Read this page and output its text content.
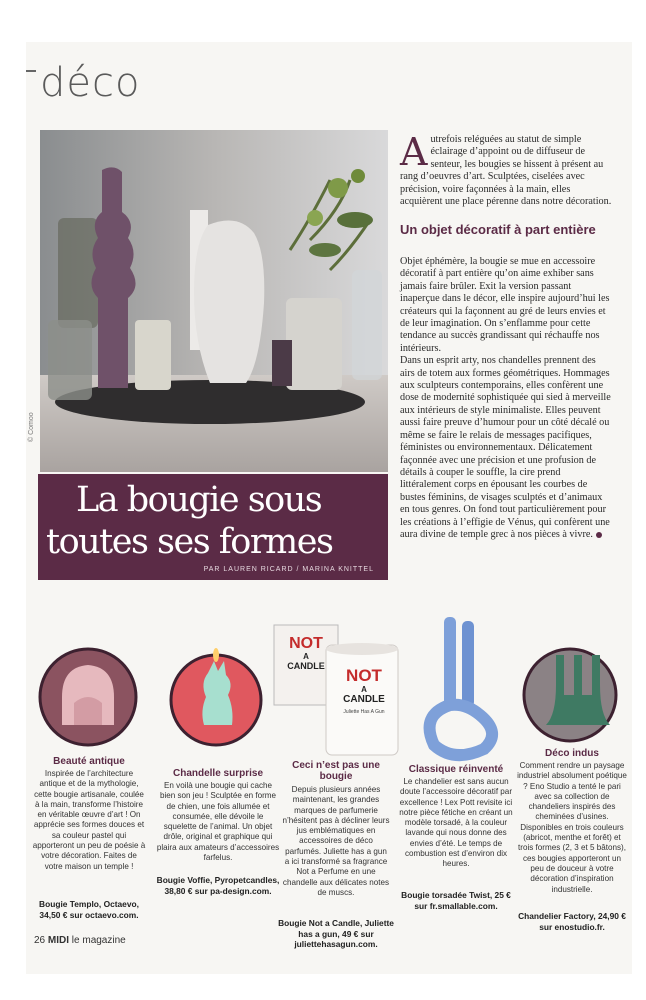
déco
© Comoo
La bougie sous
toutes ses formes
PAR LAUREN RICARD / MARINA KNITTEL
Autrefois reléguées au statut de simple éclairage d’appoint ou de diffuseur de senteur, les bougies se hissent à présent au rang d’oeuvres d’art. Sculptées, ciselées avec précision, voire façonnées à la main, elles acquièrent une place pérenne dans notre décoration.
Un objet décoratif à part entière

Objet éphémère, la bougie se mue en accessoire décoratif à part entière qu’on aime exhiber sans jamais faire brûler. Exit la version passant inaperçue dans le décor, elle inspire aujourd’hui les créateurs qui la façonnent au gré de leurs envies et de leur imagination. On s’enflamme pour cette tendance au succès grandissant qui réchauffe nos intérieurs.

Dans un esprit arty, nos chandelles prennent des airs de totem aux formes géométriques. Hommages aux sculpteurs contemporains, elles confèrent une dose de modernité sophistiquée qui sied à merveille aux intérieurs de style minimaliste. Elles peuvent aussi faire preuve d’humour pour un côté décalé ou même se faire le relais de messages pacifiques, féministes ou environnementaux. Délicatement façonnée avec une précision et une profusion de détails à couper le souffle, la cire prend littéralement corps en épousant les courbes de bustes féminins, de visages sculptés et d’animaux en tous genres. On fond tout particulièrement pour les créations à l’effigie de Vénus, qui confèrent une aura divine de temple grec à nos pièces à vivre.

NOT
A
CANDLE	NOT
A
CANDLE
Juliette Has A Gun
Beauté antique
Inspirée de l’architecture antique et de la mythologie, cette bougie artisanale, coulée à la main, transforme l’histoire en véritable œuvre d’art ! On apprécie ses formes douces et sa couleur pastel qui apporteront un peu de poésie à votre décoration. Faites de votre maison un temple !
Bougie Templo, Octaevo, 34,50 € sur octaevo.com.
Chandelle surprise
En voilà une bougie qui cache bien son jeu ! Sculptée en forme de chien, une fois allumée et consumée, elle dévoile le squelette de l’animal. Un objet drôle, original et graphique qui plaira aux amateurs d’accessoires farfelus.
Bougie Voffie, Pyropetcandles, 38,80 € sur pa-design.com.
Ceci n’est pas une bougie
Depuis plusieurs années maintenant, les grandes marques de parfumerie n’hésitent pas à décliner leurs jus emblématiques en accessoires de déco parfumés. Juliette has a gun a ici transformé sa fragrance Not a Perfume en une chandelle aux délicates notes de muscs.
Bougie Not a Candle, Juliette has a gun, 49 € sur juliettehasagun.com.
Classique réinventé
Le chandelier est sans aucun doute l’accessoire décoratif par excellence ! Lex Pott revisite ici notre pièce fétiche en créant un modèle torsadé, à la couleur lavande qui nous donne des envies d’été. Le temps de combustion est d’environ dix heures.
Bougie torsadée Twist, 25 € sur fr.smallable.com.
Déco indus
Comment rendre un paysage industriel absolument poétique ? Eno Studio a tenté le pari avec sa collection de chandeliers inspirés des cheminées d’usines. Disponibles en trois couleurs (abricot, menthe et forêt) et trois formes (2, 3 et 5 bâtons), ces bougies apporteront un peu de douceur à votre décoration d’inspiration industrielle.
Chandelier Factory, 24,90 € sur enostudio.fr.
26 MIDI le magazine
